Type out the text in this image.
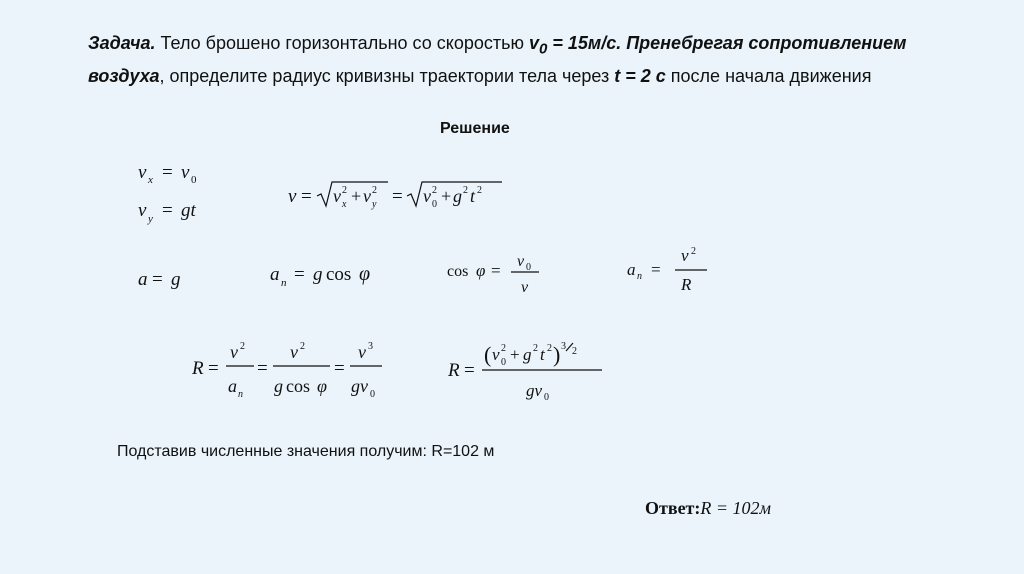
Задача. Тело брошено горизонтально со скоростью $v_0 = 15м/с$. Пренебрегая сопротивлением воздуха, определите радиус кривизны траектории тела через t = 2 с после начала движения
Решение
v x = v 0
v y = gt
v = v 2
x + v 2
y = v 2
0 + g 2 t 2
a = g	a n = g cos φ	cos φ = v 0
v
a n =
v 2
R
R =
v 2
a n
=
v 2
g cos φ
=
v 3
gv 0
R =
( v 2
0 + g 2 t 2 ) 3 2
gv 0
Подставив численные значения получим: R=102 м
Ответ:R = 102м
